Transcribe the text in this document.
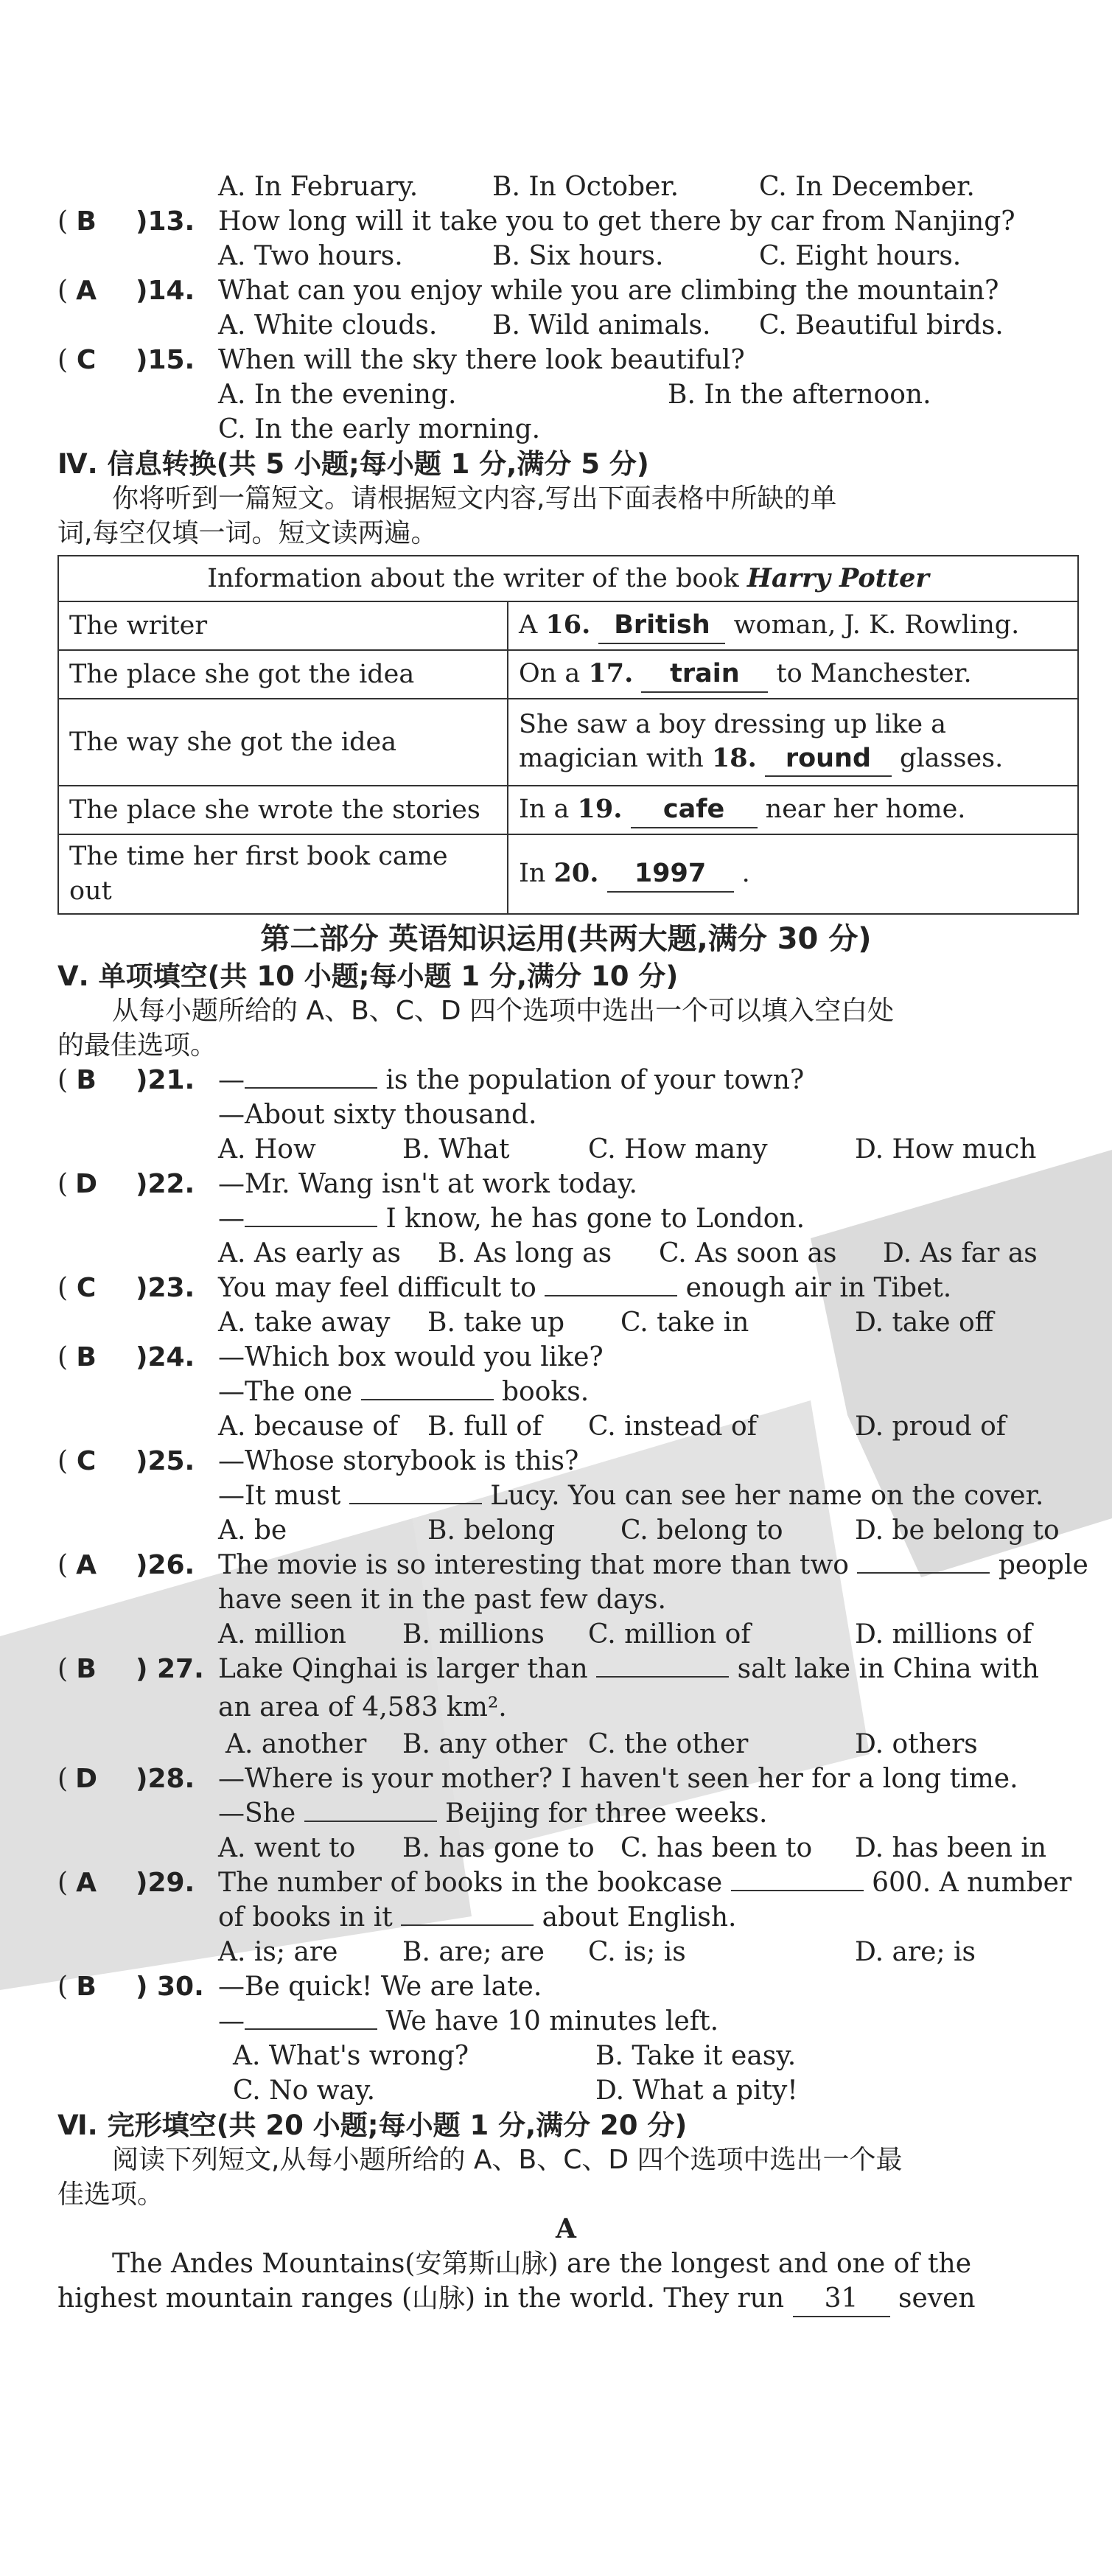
A. In February.	B. In October.	C. In December.
( B	)13. How long will it take you to get there by car from Nanjing?
A. Two hours.	B. Six hours.	C. Eight hours.
( A	)14. What can you enjoy while you are climbing the mountain?
A. White clouds. B. Wild animals. C. Beautiful birds.
( C	)15. When will the sky there look beautiful?
A. In the evening.	B. In the afternoon.
C. In the early morning.
Ⅳ. 信息转换(共 5 小题;每小题 1 分,满分 5 分)
你将听到一篇短文。请根据短文内容,写出下面表格中所缺的单
词,每空仅填一词。短文读两遍。
Information about the writer of the book Harry Potter	
The writer	A 16. British woman, J. K. Rowling.
The place she got the idea	On a 17. train to Manchester.
The way she got the idea	She saw a boy dressing up like a magician with 18. round glasses.
The place she wrote the stories	In a 19. cafe near her home.
The time her first book came out	In 20. 1997 .
第二部分 英语知识运用(共两大题,满分 30 分)
Ⅴ. 单项填空(共 10 小题;每小题 1 分,满分 10 分)
从每小题所给的 A、B、C、D 四个选项中选出一个可以填入空白处
的最佳选项。
( B	)21. —	is the population of your town?
—About sixty thousand.
A. How	B. What	C. How many	D. How much
( D )22. —Mr. Wang isn't at work today.
—	I know, he has gone to London.
A. As early as B. As long as C. As soon as D. As far as
( C	)23. You may feel difficult to	enough air in Tibet.
A. take away B. take up C. take in	D. take off
( B	)24. —Which box would you like?
—The one	books.
A. because of B. full of C. instead of	D. proud of
( C	)25. —Whose storybook is this?
—It must	Lucy. You can see her name on the cover.
A. be	B. belong C. belong to	D. be belong to
( A	)26. The movie is so interesting that more than two	people
have seen it in the past few days.
A. million B. millions C. million of	D. millions of
( B	) 27. Lake Qinghai is larger than	salt lake in China with
an area of 4,583 km².
A. another B. any other C. the other	D. others
( D )28. —Where is your mother? I haven't seen her for a long time.
—She	Beijing for three weeks.
A. went to B. has gone to C. has been to D. has been in
( A	)29. The number of books in the bookcase	600. A number
of books in it	about English.
A. is; are B. are; are C. is; is	D. are; is
( B	) 30. —Be quick! We are late.
—	We have 10 minutes left.
A. What's wrong?	B. Take it easy.
C. No way.	D. What a pity!
Ⅵ. 完形填空(共 20 小题;每小题 1 分,满分 20 分)
阅读下列短文,从每小题所给的 A、B、C、D 四个选项中选出一个最
佳选项。
A
The Andes Mountains(安第斯山脉) are the longest and one of the
highest mountain ranges (山脉) in the world. They run 31 seven
